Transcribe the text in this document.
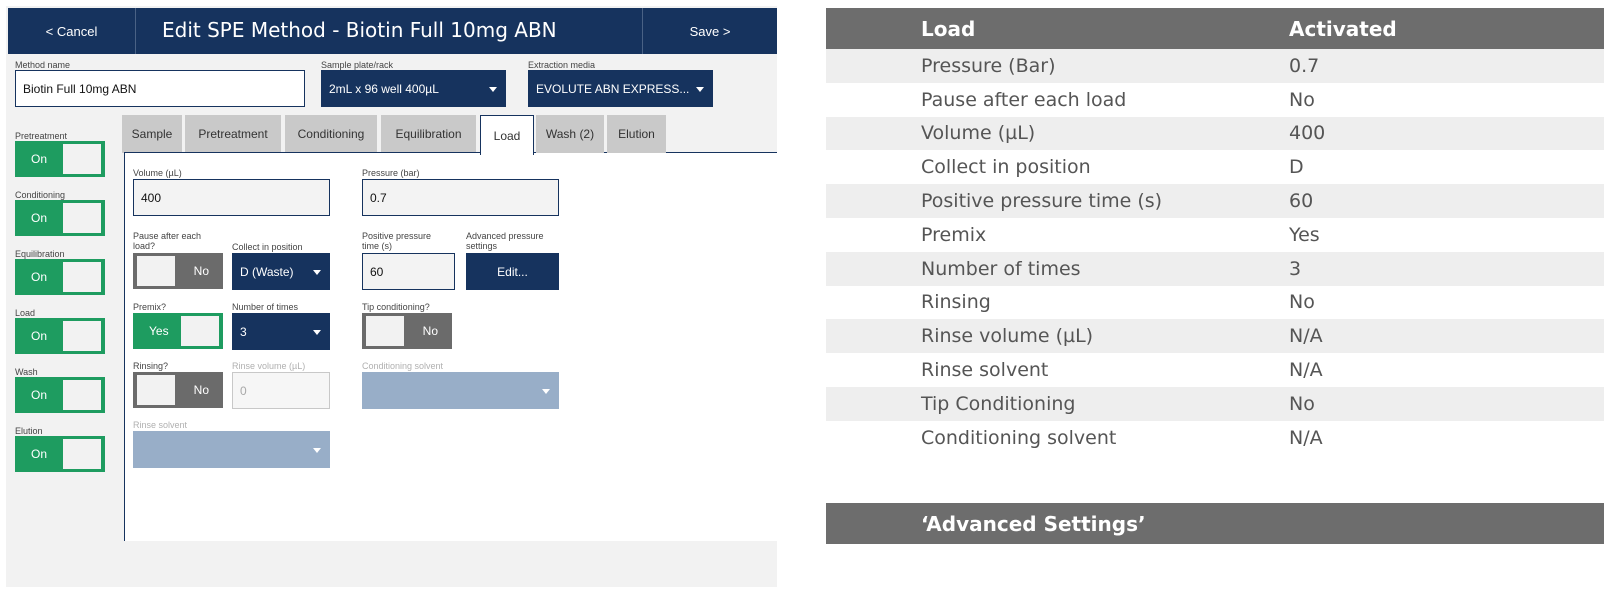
< Cancel	Edit SPE Method - Biotin Full 10mg ABN	Save >
Method name
Biotin Full 10mg ABN
Sample plate/rack
2mL x 96 well 400µL
Extraction media
EVOLUTE ABN EXPRESS...
Pretreatment
On
Conditioning
On
Equilibration
On
Load
On
Wash
On
Elution
On
Sample	Pretreatment	Conditioning	Equilibration	Load	Wash (2)	Elution
Volume (µL)
400
Pressure (bar)
0.7
Pause after each load?
No
Collect in position
D (Waste)
Positive pressure time (s)
60
Advanced pressure settings
Edit...
Premix?
Yes
Number of times
3
Tip conditioning?
No
Rinsing?
No
Rinse volume (µL)
0
Conditioning solvent
Rinse solvent
Load	Activated
Pressure (Bar)	0.7
Pause after each load	No
Volume (µL)	400
Collect in position	D
Positive pressure time (s)	60
Premix	Yes
Number of times	3
Rinsing	No
Rinse volume (µL)	N/A
Rinse solvent	N/A
Tip Conditioning	No
Conditioning solvent	N/A
‘Advanced Settings’
